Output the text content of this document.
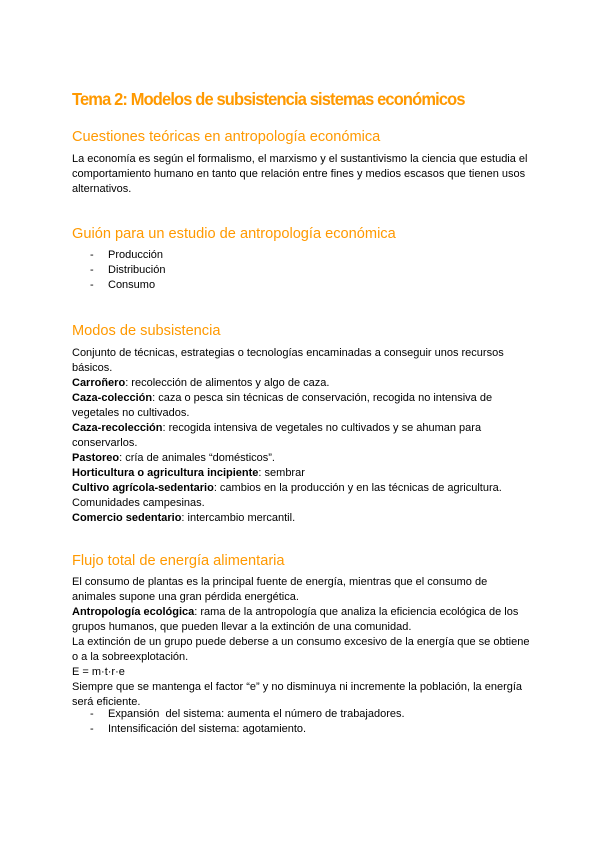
Tema 2: Modelos de subsistencia sistemas económicos
Cuestiones teóricas en antropología económica

La economía es según el formalismo, el marxismo y el sustantivismo la ciencia que estudia el comportamiento humano en tanto que relación entre fines y medios escasos que tienen usos alternativos.

Guión para un estudio de antropología económica
- Producción
- Distribución
- Consumo
Modos de subsistencia
Conjunto de técnicas, estrategias o tecnologías encaminadas a conseguir unos recursos básicos.
Carroñero: recolección de alimentos y algo de caza.
Caza-colección: caza o pesca sin técnicas de conservación, recogida no intensiva de vegetales no cultivados.
Caza-recolección: recogida intensiva de vegetales no cultivados y se ahuman para conservarlos.
Pastoreo: cría de animales “domésticos”.
Horticultura o agricultura incipiente: sembrar
Cultivo agrícola-sedentario: cambios en la producción y en las técnicas de agricultura. Comunidades campesinas.
Comercio sedentario: intercambio mercantil.
Flujo total de energía alimentaria
El consumo de plantas es la principal fuente de energía, mientras que el consumo de animales supone una gran pérdida energética.
Antropología ecológica: rama de la antropología que analiza la eficiencia ecológica de los grupos humanos, que pueden llevar a la extinción de una comunidad.
La extinción de un grupo puede deberse a un consumo excesivo de la energía que se obtiene o a la sobreexplotación.
E = m·t·r·e
Siempre que se mantenga el factor “e” y no disminuya ni incremente la población, la energía será eficiente.
- Expansión  del sistema: aumenta el número de trabajadores.
- Intensificación del sistema: agotamiento.
